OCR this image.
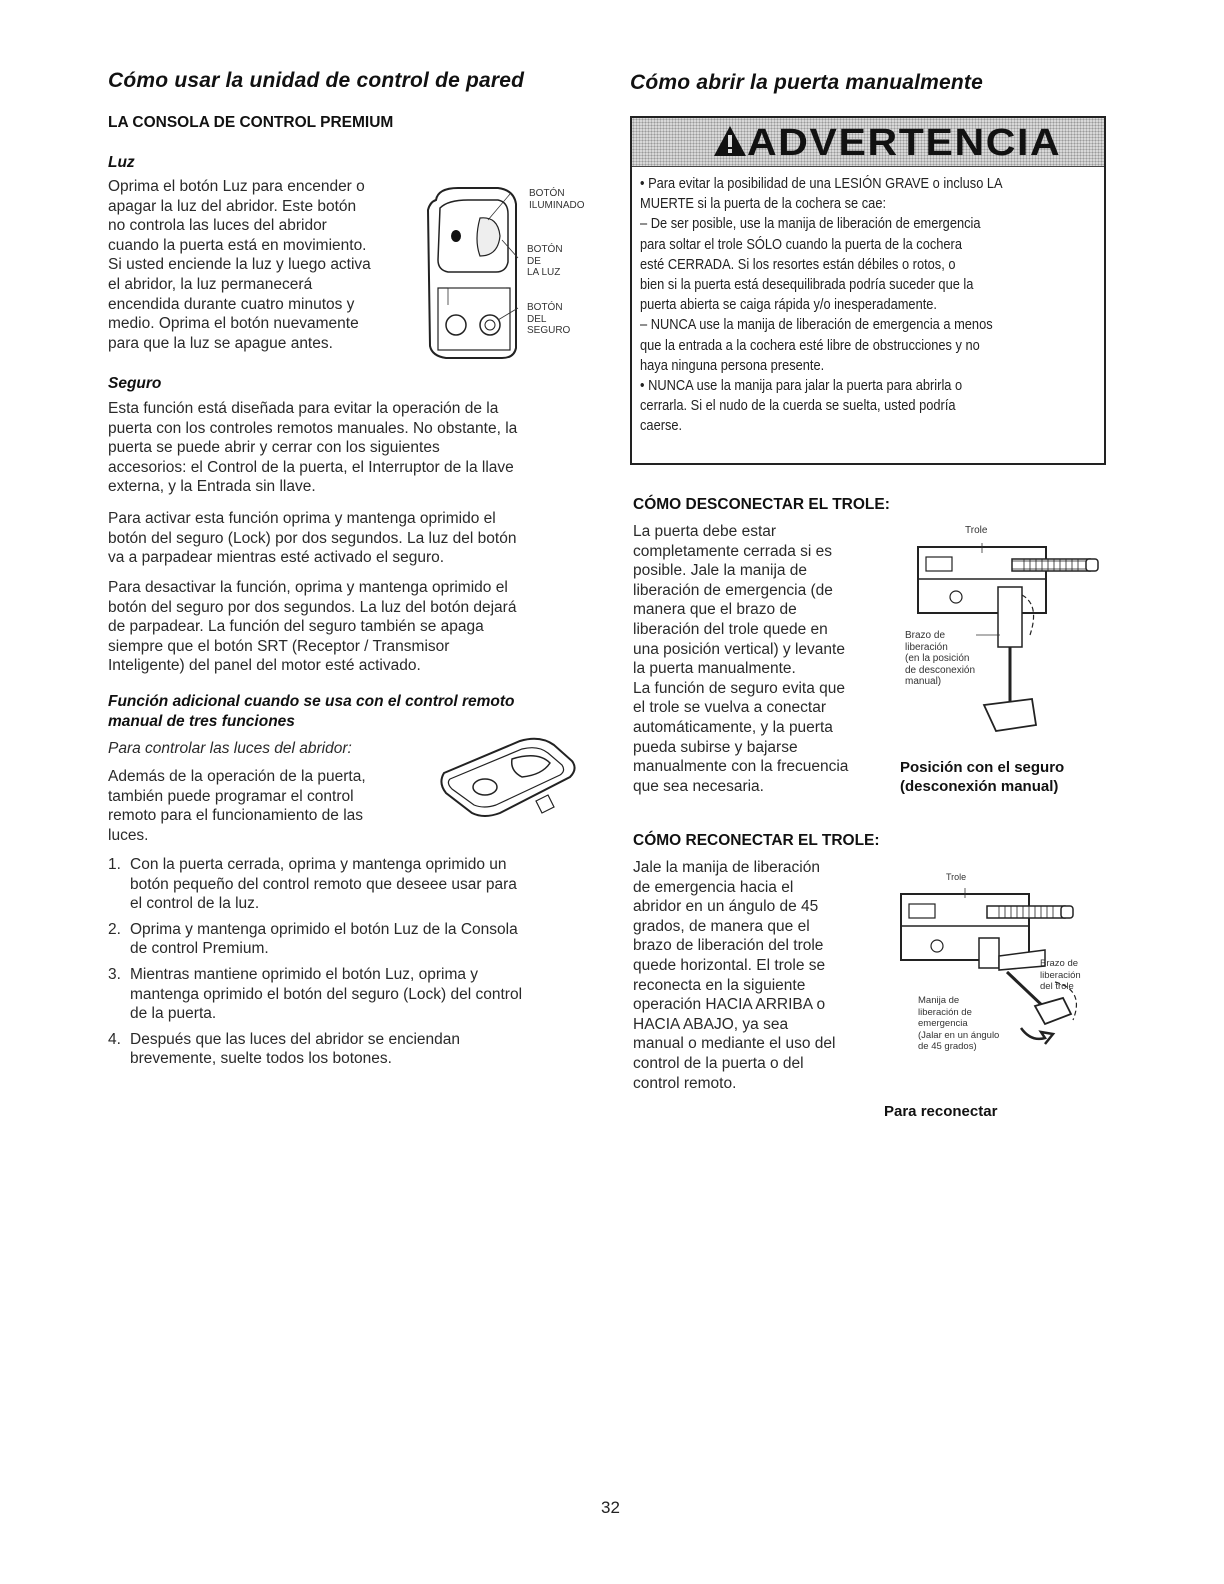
Cómo usar la unidad de control de pared
LA CONSOLA DE CONTROL PREMIUM
Luz
Oprima el botón Luz para encender o
apagar la luz del abridor. Este botón
no controla las luces del abridor
cuando la puerta está en movimiento.
Si usted enciende la luz y luego activa
el abridor, la luz permanecerá
encendida durante cuatro minutos y
medio. Oprima el botón nuevamente
para que la luz se apague antes.
BOTÓN
ILUMINADO
BOTÓN
DE
LA LUZ
BOTÓN
DEL
SEGURO
Seguro
Esta función está diseñada para evitar la operación de la
puerta con los controles remotos manuales. No obstante, la
puerta se puede abrir y cerrar con los siguientes
accesorios: el Control de la puerta, el Interruptor de la llave
externa, y la Entrada sin llave.
Para activar esta función oprima y mantenga oprimido el
botón del seguro (Lock) por dos segundos. La luz del botón
va a parpadear mientras esté activado el seguro.
Para desactivar la función, oprima y mantenga oprimido el
botón del seguro por dos segundos. La luz del botón dejará
de parpadear. La función del seguro también se apaga
siempre que el botón SRT (Receptor / Transmisor
Inteligente) del panel del motor esté activado.
Función adicional cuando se usa con el control remoto
manual de tres funciones
Para controlar las luces del abridor:
Además de la operación de la puerta,
también puede programar el control
remoto para el funcionamiento de las
luces.
1. Con la puerta cerrada, oprima y mantenga oprimido un
botón pequeño del control remoto que deseee usar para
el control de la luz.
2. Oprima y mantenga oprimido el botón Luz de la Consola
de control Premium.
3. Mientras mantiene oprimido el botón Luz, oprima y
mantenga oprimido el botón del seguro (Lock) del control
de la puerta.
4. Después que las luces del abridor se enciendan
brevemente, suelte todos los botones.
Cómo abrir la puerta manualmente
ADVERTENCIA
• Para evitar la posibilidad de una LESIÓN GRAVE o incluso LA
MUERTE si la puerta de la cochera se cae:
– De ser posible, use la manija de liberación de emergencia
para soltar el trole SÓLO cuando la puerta de la cochera
esté CERRADA. Si los resortes están débiles o rotos, o
bien si la puerta está desequilibrada podría suceder que la
puerta abierta se caiga rápida y/o inesperadamente.
– NUNCA use la manija de liberación de emergencia a menos
que la entrada a la cochera esté libre de obstrucciones y no
haya ninguna persona presente.
• NUNCA use la manija para jalar la puerta para abrirla o
cerrarla. Si el nudo de la cuerda se suelta, usted podría
caerse.
CÓMO DESCONECTAR EL TROLE:
La puerta debe estar
completamente cerrada si es
posible. Jale la manija de
liberación de emergencia (de
manera que el brazo de
liberación del trole quede en
una posición vertical) y levante
la puerta manualmente.
La función de seguro evita que
el trole se vuelva a conectar
automáticamente, y la puerta
pueda subirse y bajarse
manualmente con la frecuencia
que sea necesaria.
Trole
Brazo de
liberación
(en la posición
de desconexión
manual)
Posición con el seguro
(desconexión manual)
CÓMO RECONECTAR EL TROLE:
Jale la manija de liberación
de emergencia hacia el
abridor en un ángulo de 45
grados, de manera que el
brazo de liberación del trole
quede horizontal. El trole se
reconecta en la siguiente
operación HACIA ARRIBA o
HACIA ABAJO, ya sea
manual o mediante el uso del
control de la puerta o del
control remoto.
Trole
Brazo de
liberación
del trole
Manija de
liberación de
emergencia
(Jalar en un ángulo
de 45 grados)
Para reconectar
32
